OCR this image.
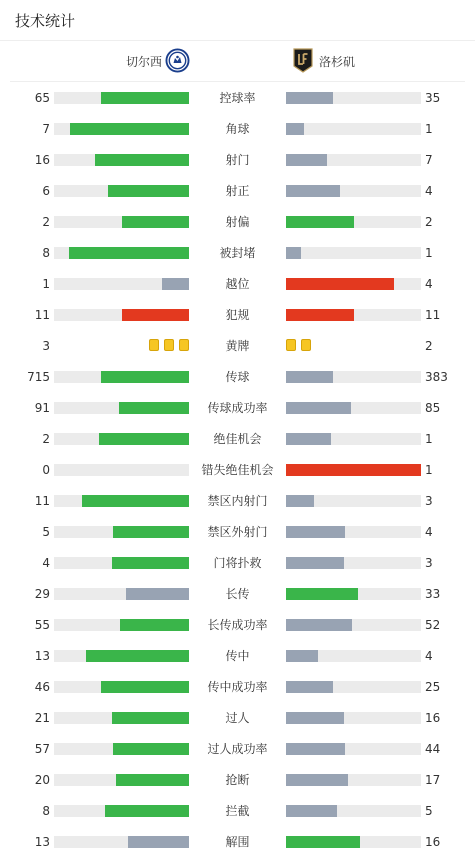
技术统计
切尔西	洛杉矶
65	控球率	35
7	角球	1
16	射门	7
6	射正	4
2	射偏	2
8	被封堵	1
1	越位	4
11	犯规	11
3	黄牌	2
715	传球	383
91	传球成功率	85
2	绝佳机会	1
0	错失绝佳机会	1
11	禁区内射门	3
5	禁区外射门	4
4	门将扑救	3
29	长传	33
55	长传成功率	52
13	传中	4
46	传中成功率	25
21	过人	16
57	过人成功率	44
20	抢断	17
8	拦截	5
13	解围	16
